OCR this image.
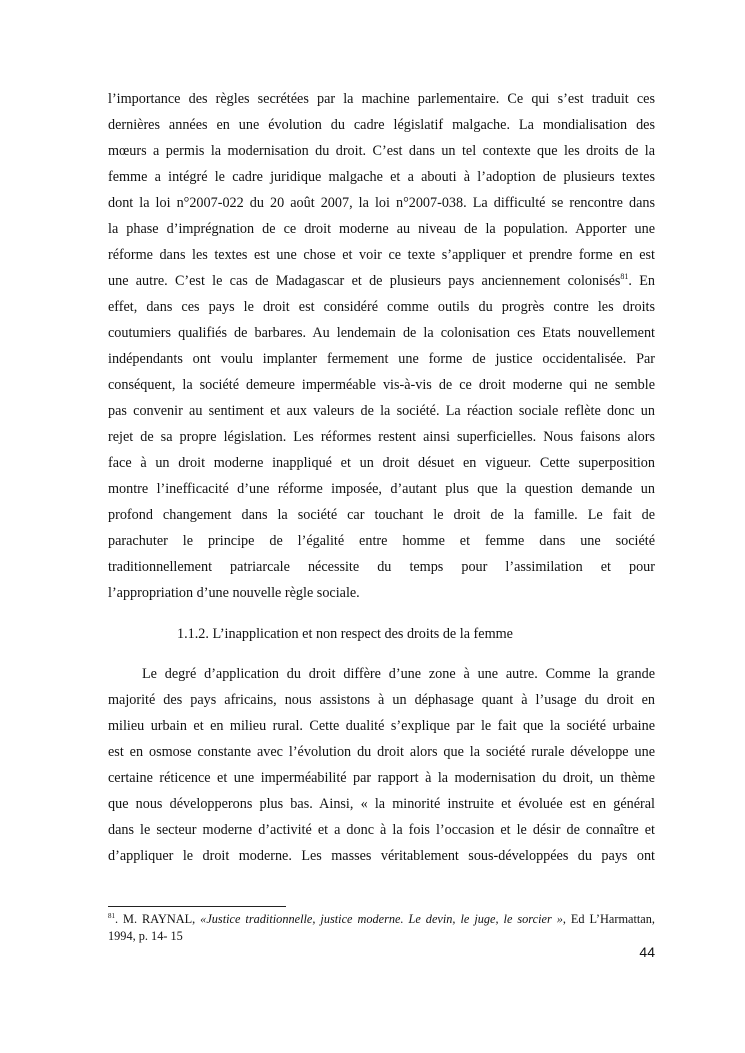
l’importance des règles secrétées par la machine parlementaire. Ce qui s’est traduit ces
dernières années en une évolution du cadre législatif malgache. La mondialisation des
mœurs a permis la modernisation du droit. C’est dans un tel contexte que les droits de la
femme a intégré le cadre juridique malgache et a abouti à l’adoption de plusieurs textes
dont la loi n°2007-022 du 20 août 2007, la loi n°2007-038. La difficulté se rencontre dans
la phase d’imprégnation de ce droit moderne au niveau de la population. Apporter une
réforme dans les textes est une chose et voir ce texte s’appliquer et prendre forme en est
une autre. C’est le cas de Madagascar et de plusieurs pays anciennement colonisés$^{81}$. En
effet, dans ces pays le droit est considéré comme outils du progrès contre les droits
coutumiers qualifiés de barbares. Au lendemain de la colonisation ces Etats nouvellement
indépendants ont voulu implanter fermement une forme de justice occidentalisée. Par
conséquent, la société demeure imperméable vis-à-vis de ce droit moderne qui ne semble
pas convenir au sentiment et aux valeurs de la société. La réaction sociale reflète donc un
rejet de sa propre législation. Les réformes restent ainsi superficielles. Nous faisons alors
face à un droit moderne inappliqué et un droit désuet en vigueur. Cette superposition
montre l’inefficacité d’une réforme imposée, d’autant plus que la question demande un
profond changement dans la société car touchant le droit de la famille. Le fait de
parachuter le principe de l’égalité entre homme et femme dans une société
traditionnellement patriarcale nécessite du temps pour l’assimilation et pour
l’appropriation d’une nouvelle règle sociale.
1.1.2. L’inapplication et non respect des droits de la femme
Le degré d’application du droit diffère d’une zone à une autre. Comme la grande
majorité des pays africains, nous assistons à un déphasage quant à l’usage du droit en
milieu urbain et en milieu rural. Cette dualité s’explique par le fait que la société urbaine
est en osmose constante avec l’évolution du droit alors que la société rurale développe une
certaine réticence et une imperméabilité par rapport à la modernisation du droit, un thème
que nous développerons plus bas. Ainsi, « la minorité instruite et évoluée est en général
dans le secteur moderne d’activité et a donc à la fois l’occasion et le désir de connaître et
d’appliquer le droit moderne. Les masses véritablement sous-développées du pays ont
$^{81}$. M. RAYNAL, «Justice traditionnelle, justice moderne. Le devin, le juge, le sorcier », Ed L’Harmattan,
1994, p. 14- 15
44
